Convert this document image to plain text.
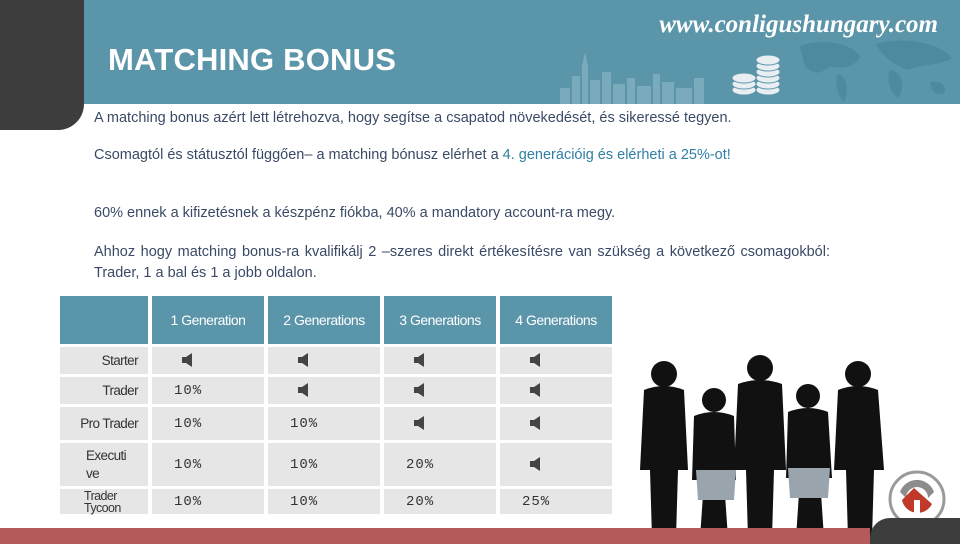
MATCHING BONUS
www.conligushungary.com
A matching bonus azért lett létrehozva, hogy segítse a csapatod növekedését, és sikeressé tegyen.
Csomagtól és státusztól függően– a matching bónusz elérhet a 4. generációig és elérheti a 25%-ot!
60% ennek a kifizetésnek a készpénz fiókba, 40% a mandatory account-ra megy.
Ahhoz hogy matching bonus-ra kvalifikálj 2 –szeres direkt értékesítésre van szükség a következő csomagokból: Trader, 1 a bal és 1 a jobb oldalon.
	1 Generation	2 Generations	3 Generations	4 Generations
Starter				
Trader	10%			
Pro Trader	10%	10%		
Executi ve	10%	10%	20%	
Trader Tycoon	10%	10%	20%	25%
